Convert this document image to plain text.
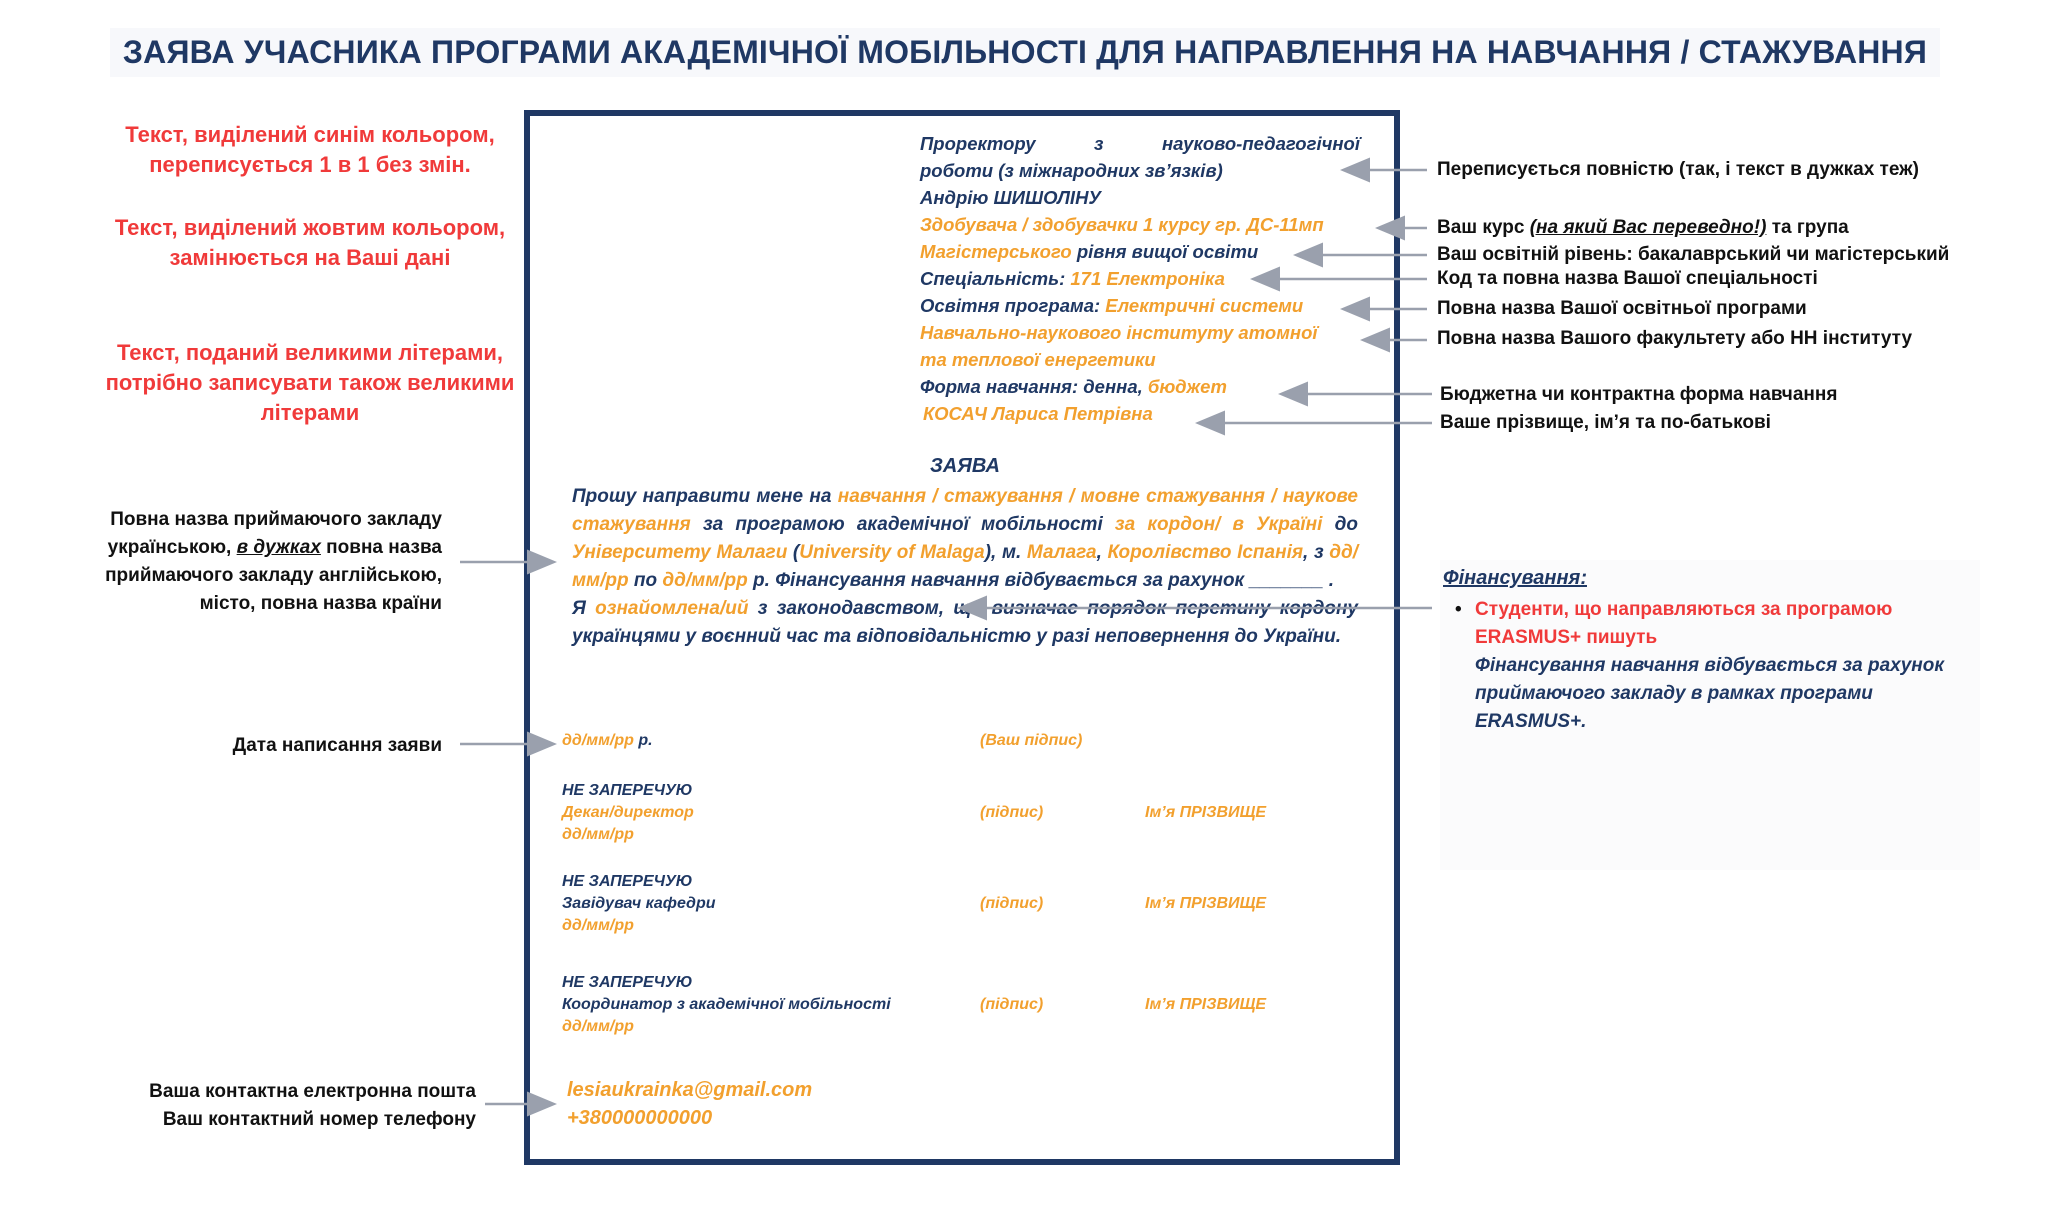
ЗАЯВА УЧАСНИКА ПРОГРАМИ АКАДЕМІЧНОЇ МОБІЛЬНОСТІ ДЛЯ НАПРАВЛЕННЯ НА НАВЧАННЯ / СТАЖУВАННЯ
Текст, виділений синім кольором, переписується 1 в 1 без змін.
Текст, виділений жовтим кольором, замінюється на Ваші дані
Текст, поданий великими літерами, потрібно записувати також великими літерами
Проректору	з	науково-педагогічної
роботи (з міжнародних зв’язків)
Андрію ШИШОЛІНУ
Здобувача / здобувачки 1 курсу гр. ДС-11мп
Магістерського рівня вищої освіти
Спеціальність: 171 Електроніка
Освітня програма: Електричні системи
Навчально-наукового інституту атомної
та теплової енергетики
Форма навчання: денна, бюджет
КОСАЧ Лариса Петрівна
ЗАЯВА

Прошу направити мене на навчання / стажування / мовне стажування / наукове стажування за програмою академічної мобільності за кордон/ в Україні до Університету Малаги (University of Malaga), м. Малага, Королівство Іспанія, з дд/мм/рр по дд/мм/рр р. Фінансування навчання відбувається за рахунок _______ .

Я ознайомлена/ий з законодавством, що визначає порядок перетину кордону українцями у воєнний час та відповідальністю у разі неповернення до України.

дд/мм/рр р.	(Ваш підпис)
НЕ ЗАПЕРЕЧУЮ
Декан/директор
дд/мм/рр
(підпис)	Ім’я ПРІЗВИЩЕ
НЕ ЗАПЕРЕЧУЮ
Завідувач кафедри
дд/мм/рр
(підпис)	Ім’я ПРІЗВИЩЕ
НЕ ЗАПЕРЕЧУЮ
Координатор з академічної мобільності
дд/мм/рр
(підпис)	Ім’я ПРІЗВИЩЕ
lesiaukrainka@gmail.com
+380000000000
Переписується повністю (так, і текст в дужках теж)
Ваш курс (на який Вас переведно!) та група
Ваш освітній рівень: бакалаврський чи магістерський
Код та повна назва Вашої спеціальності
Повна назва Вашої освітньої програми
Повна назва Вашого факультету або НН інституту
Бюджетна чи контрактна форма навчання
Ваше прізвище, ім’я та по-батькові
Повна назва приймаючого закладу українською, в дужках повна назва приймаючого закладу англійською, місто, повна назва країни
Дата написання заяви
Ваша контактна електронна пошта
Ваш контактний номер телефону
Фінансування:
• Студенти, що направляються за програмою ERASMUS+ пишуть
Фінансування навчання відбувається за рахунок приймаючого закладу в рамках програми ERASMUS+.
